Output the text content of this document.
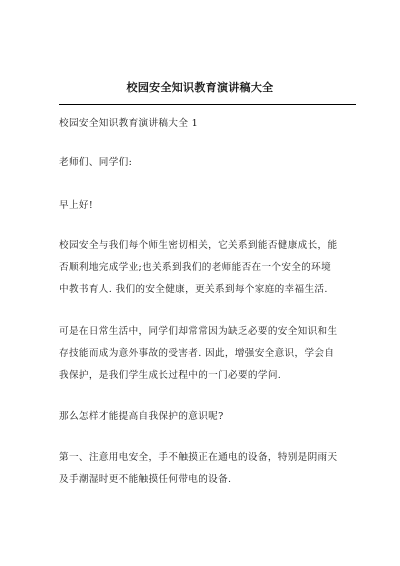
校园安全知识教育演讲稿大全
校园安全知识教育演讲稿大全 1
老师们、同学们:
早上好!
校园安全与我们每个师生密切相关，它关系到能否健康成长，能
否顺利地完成学业;也关系到我们的老师能否在一个安全的环境
中教书育人. 我们的安全健康，更关系到每个家庭的幸福生活.
可是在日常生活中，同学们却常常因为缺乏必要的安全知识和生
存技能而成为意外事故的受害者. 因此，增强安全意识，学会自
我保护，是我们学生成长过程中的一门必要的学问.
那么怎样才能提高自我保护的意识呢?
第一、注意用电安全，手不触摸正在通电的设备，特别是阴雨天
及手潮湿时更不能触摸任何带电的设备.
